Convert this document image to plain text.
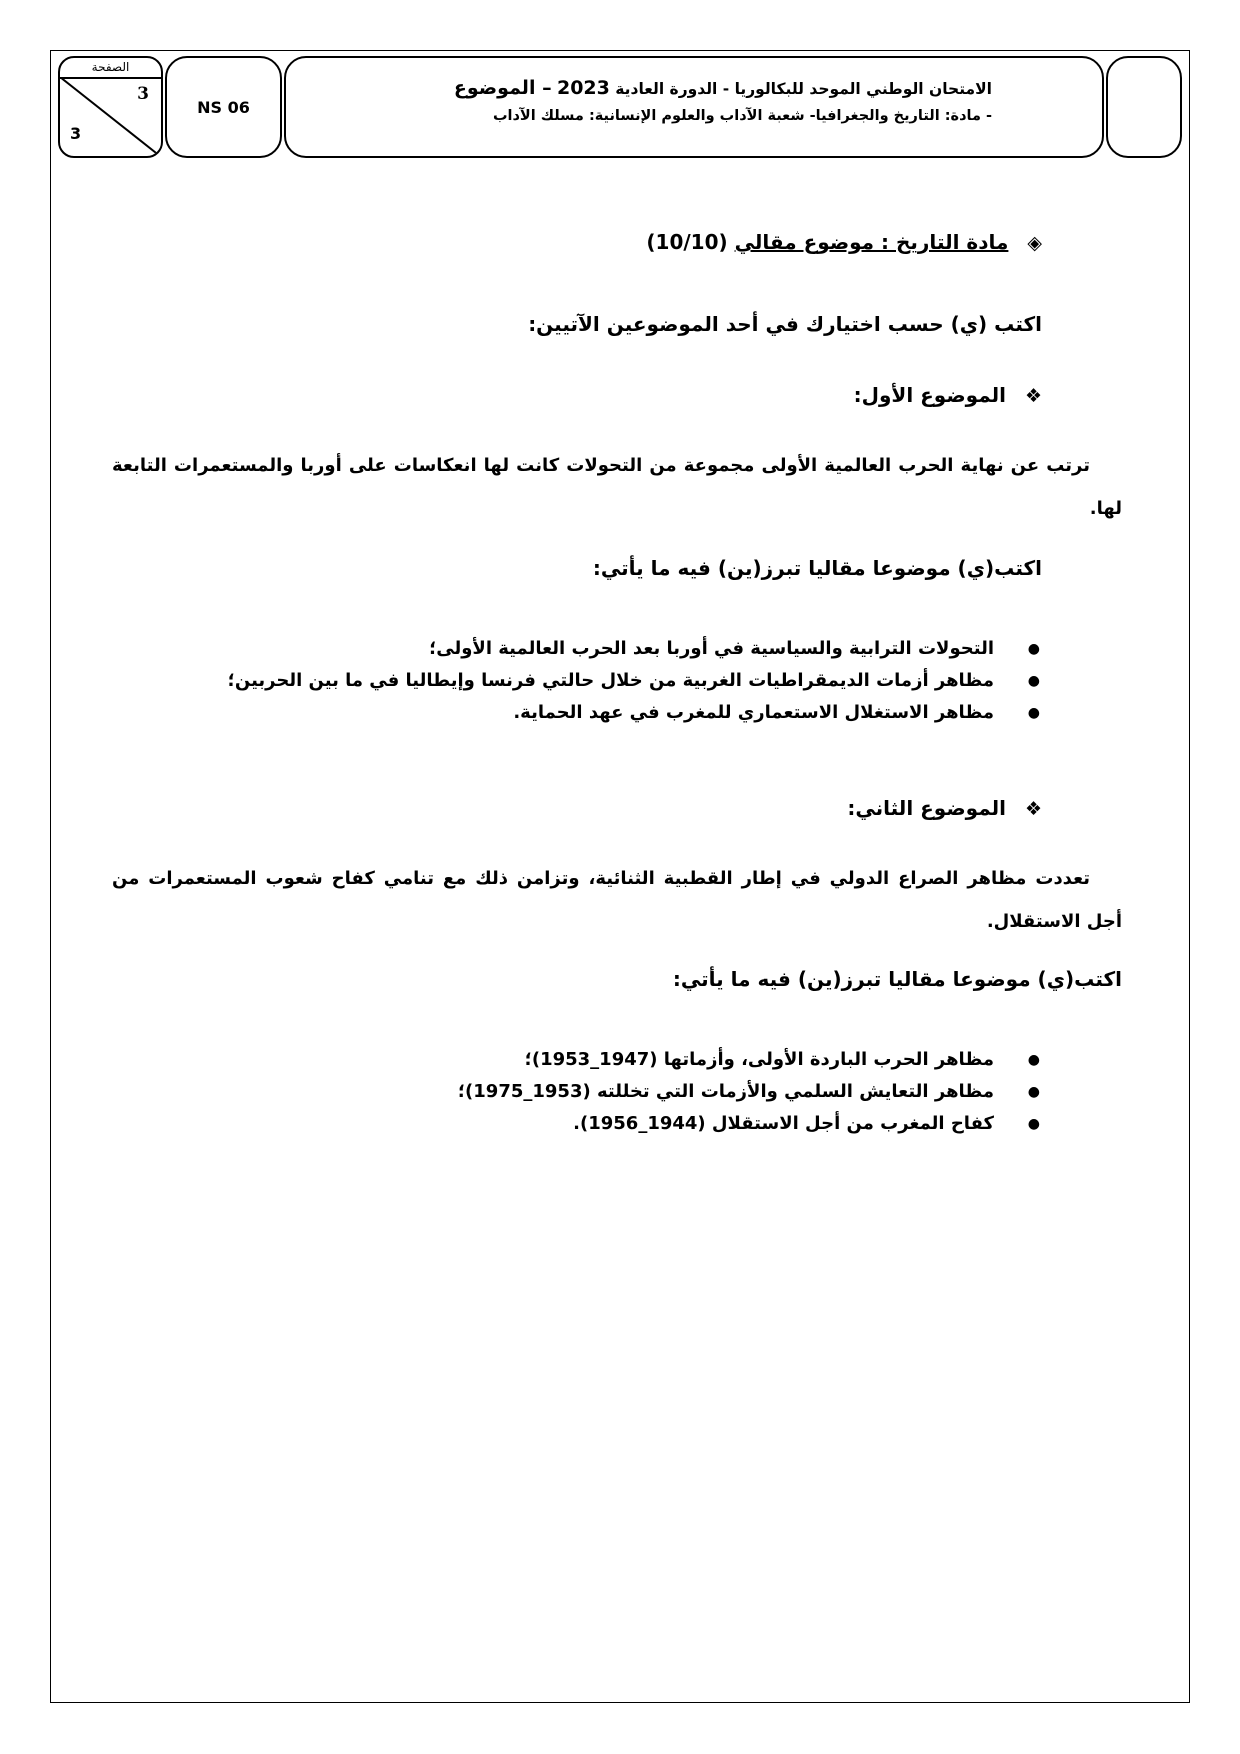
الصفحة
3
3
NS 06
الامتحان الوطني الموحد للبكالوريا - الدورة العادية 2023 – الموضوع
- مادة: التاريخ والجغرافيا- شعبة الآداب والعلوم الإنسانية: مسلك الآداب
◈ مادة التاريخ : موضوع مقالي (10/10)
اكتب (ي) حسب اختيارك في أحد الموضوعين الآتيين:
❖ الموضوع الأول:
ترتب عن نهاية الحرب العالمية الأولى مجموعة من التحولات كانت لها انعكاسات على أوربا والمستعمرات التابعة لها.
اكتب(ي) موضوعا مقاليا تبرز(ين) فيه ما يأتي:
● التحولات الترابية والسياسية في أوربا بعد الحرب العالمية الأولى؛
● مظاهر أزمات الديمقراطيات الغربية من خلال حالتي فرنسا وإيطاليا في ما بين الحربين؛
● مظاهر الاستغلال الاستعماري للمغرب في عهد الحماية.
❖ الموضوع الثاني:
تعددت مظاهر الصراع الدولي في إطار القطبية الثنائية، وتزامن ذلك مع تنامي كفاح شعوب المستعمرات من أجل الاستقلال.
اكتب(ي) موضوعا مقاليا تبرز(ين) فيه ما يأتي:
● مظاهر الحرب الباردة الأولى، وأزماتها (1947_1953)؛
● مظاهر التعايش السلمي والأزمات التي تخللته (1953_1975)؛
● كفاح المغرب من أجل الاستقلال (1944_1956).
